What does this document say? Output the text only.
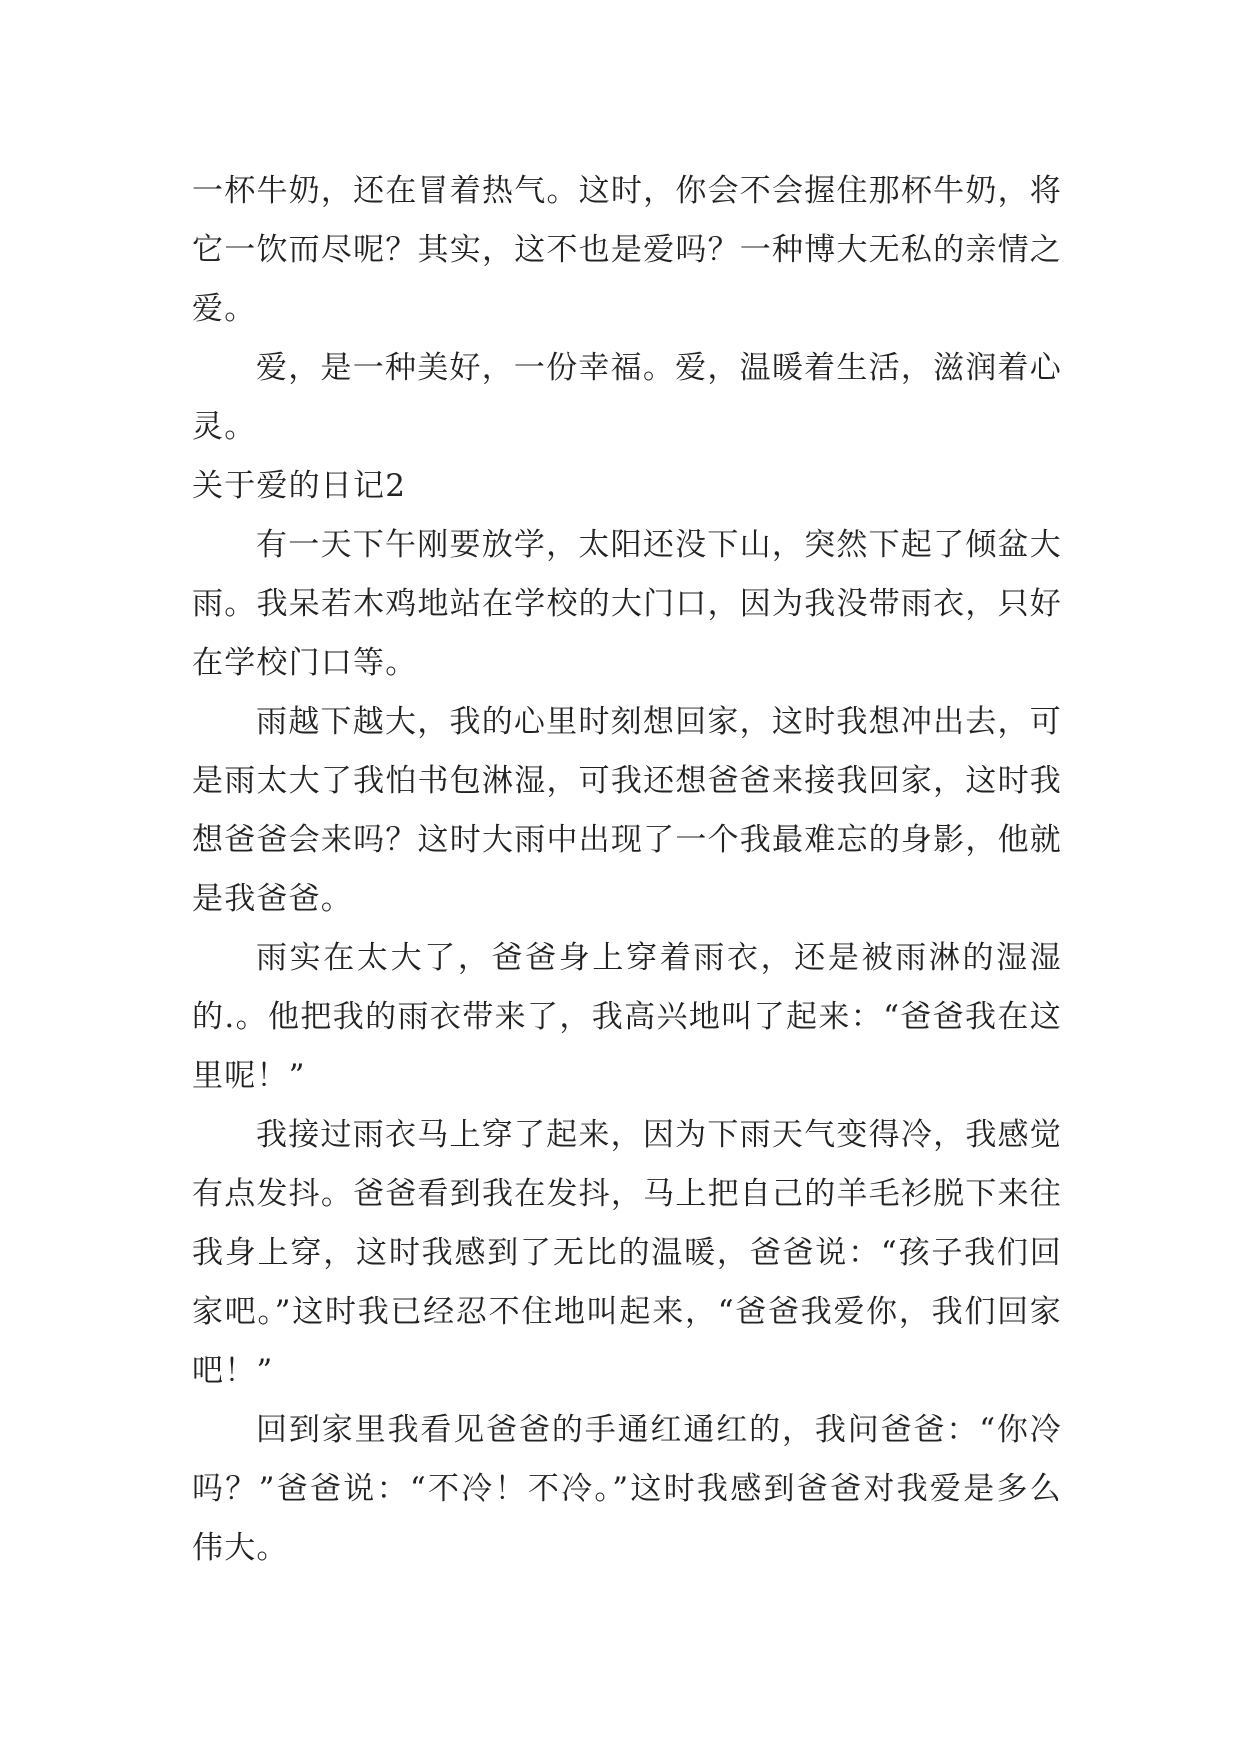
一杯牛奶，还在冒着热气。这时，你会不会握住那杯牛奶，将它一饮而尽呢？其实，这不也是爱吗？一种博大无私的亲情之爱。

爱，是一种美好，一份幸福。爱，温暖着生活，滋润着心灵。

关于爱的日记2

有一天下午刚要放学，太阳还没下山，突然下起了倾盆大雨。我呆若木鸡地站在学校的大门口，因为我没带雨衣，只好在学校门口等。

雨越下越大，我的心里时刻想回家，这时我想冲出去，可是雨太大了我怕书包淋湿，可我还想爸爸来接我回家，这时我想爸爸会来吗？这时大雨中出现了一个我最难忘的身影，他就是我爸爸。

雨实在太大了，爸爸身上穿着雨衣，还是被雨淋的湿湿的.。他把我的雨衣带来了，我高兴地叫了起来：“爸爸我在这里呢！”

我接过雨衣马上穿了起来，因为下雨天气变得冷，我感觉有点发抖。爸爸看到我在发抖，马上把自己的羊毛衫脱下来往我身上穿，这时我感到了无比的温暖，爸爸说：“孩子我们回家吧。”这时我已经忍不住地叫起来，“爸爸我爱你，我们回家吧！”

回到家里我看见爸爸的手通红通红的，我问爸爸：“你冷吗？”爸爸说：“不冷！不冷。”这时我感到爸爸对我爱是多么伟大。
